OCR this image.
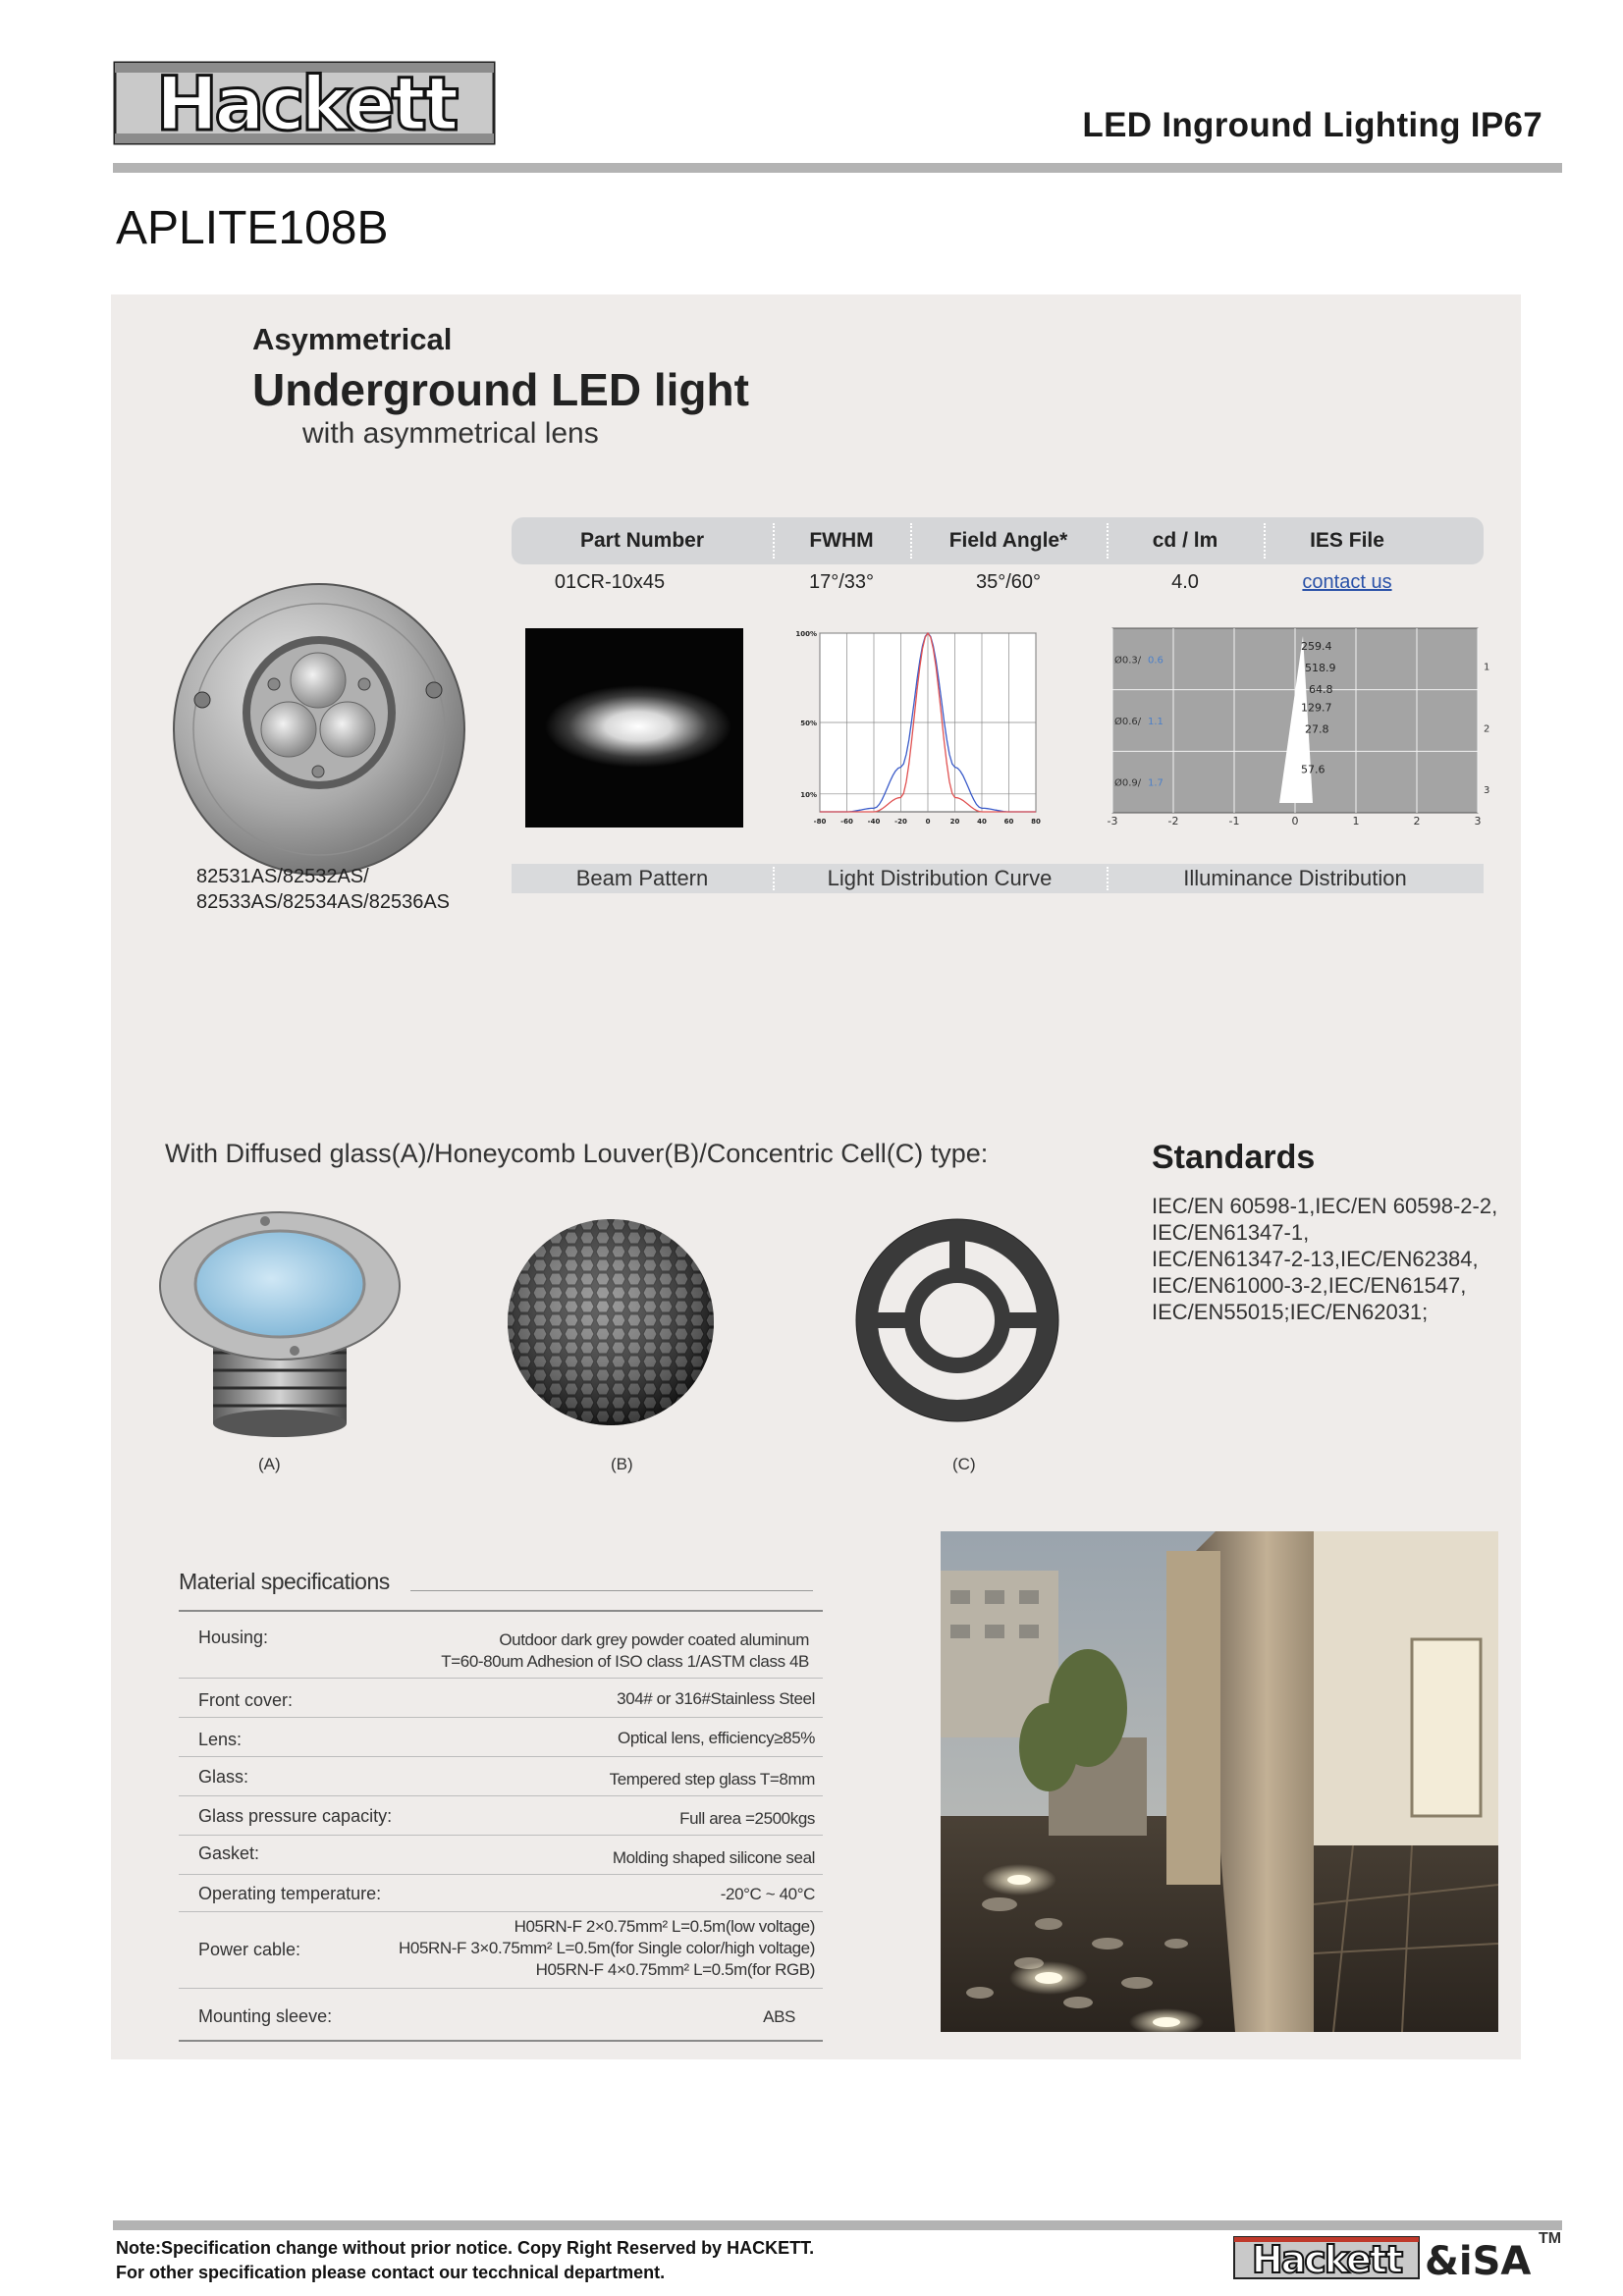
Hackett	LED Inground Lighting IP67
APLITE108B
Asymmetrical
Underground LED light
with asymmetrical lens
Part Number	FWHM	Field Angle*	cd / lm	IES File
01CR-10x45	17°/33°	35°/60°	4.0	contact us
82531AS/82532AS/
82533AS/82534AS/82536AS
-80 -60 -40 -20	0	20	40	60	80
100%
50%
10%
-3	-2	-1	0	1	2	3
1
2
3
Ø0.3/ 0.6
259.4
518.9
64.8
Ø0.6/ 1.1
129.7
27.8
Ø0.9/ 1.7
57.6
Beam Pattern	Light Distribution Curve	Illuminance Distribution
With Diffused glass(A)/Honeycomb Louver(B)/Concentric Cell(C) type:
(A)	(B)	(C)
Standards
IEC/EN 60598-1,IEC/EN 60598-2-2,
IEC/EN61347-1,
IEC/EN61347-2-13,IEC/EN62384,
IEC/EN61000-3-2,IEC/EN61547,
IEC/EN55015;IEC/EN62031;
Material specifications
Housing:	Outdoor dark grey powder coated aluminum
T=60-80um Adhesion of ISO class 1/ASTM class 4B
Front cover:	304# or 316#Stainless Steel
Lens:	Optical lens, efficiency≥85%
Glass:	Tempered step glass T=8mm
Glass pressure capacity:	Full area =2500kgs
Gasket:	Molding shaped silicone seal
Operating temperature:	-20°C ~ 40°C
Power cable:
H05RN-F 2×0.75mm² L=0.5m(low voltage)
H05RN-F 3×0.75mm² L=0.5m(for Single color/high voltage)
H05RN-F 4×0.75mm² L=0.5m(for RGB)
Mounting sleeve:	ABS
Note:Specification change without prior notice. Copy Right Reserved by HACKETT.
For other specification please contact our tecchnical department.	Hackett &iSA
TM
